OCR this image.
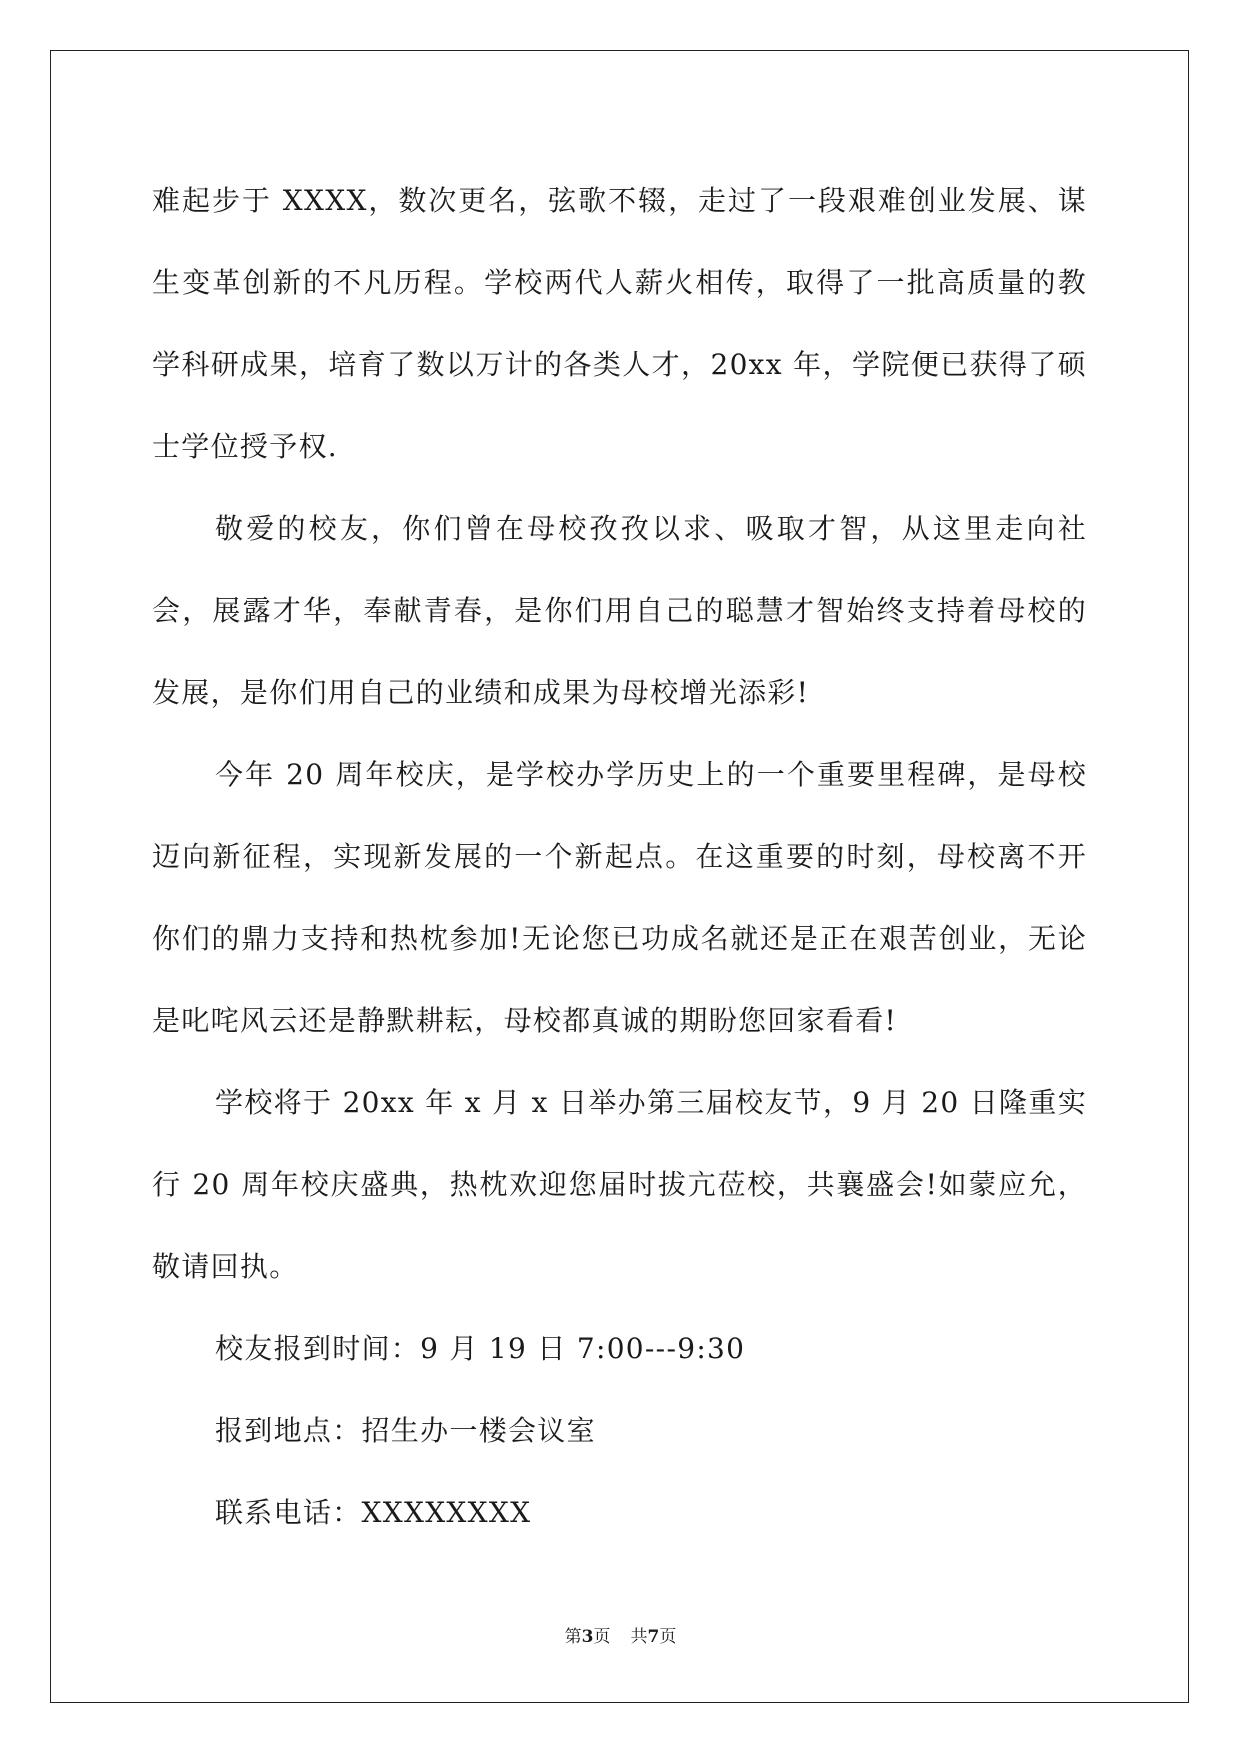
难起步于 XXXX，数次更名，弦歌不辍，走过了一段艰难创业发展、谋生变革创新的不凡历程。学校两代人薪火相传，取得了一批高质量的教学科研成果，培育了数以万计的各类人才，20xx 年，学院便已获得了硕士学位授予权.

敬爱的校友，你们曾在母校孜孜以求、吸取才智，从这里走向社会，展露才华，奉献青春，是你们用自己的聪慧才智始终支持着母校的发展，是你们用自己的业绩和成果为母校增光添彩!

今年 20 周年校庆，是学校办学历史上的一个重要里程碑，是母校迈向新征程，实现新发展的一个新起点。在这重要的时刻，母校离不开你们的鼎力支持和热枕参加!无论您已功成名就还是正在艰苦创业，无论是叱咤风云还是静默耕耘，母校都真诚的期盼您回家看看!

学校将于 20xx 年 x 月 x 日举办第三届校友节，9 月 20 日隆重实行 20 周年校庆盛典，热枕欢迎您届时拔亢莅校，共襄盛会!如蒙应允，敬请回执。

校友报到时间：9 月 19 日 7:00---9:30

报到地点：招生办一楼会议室

联系电话：XXXXXXXX

第3页 共7页
